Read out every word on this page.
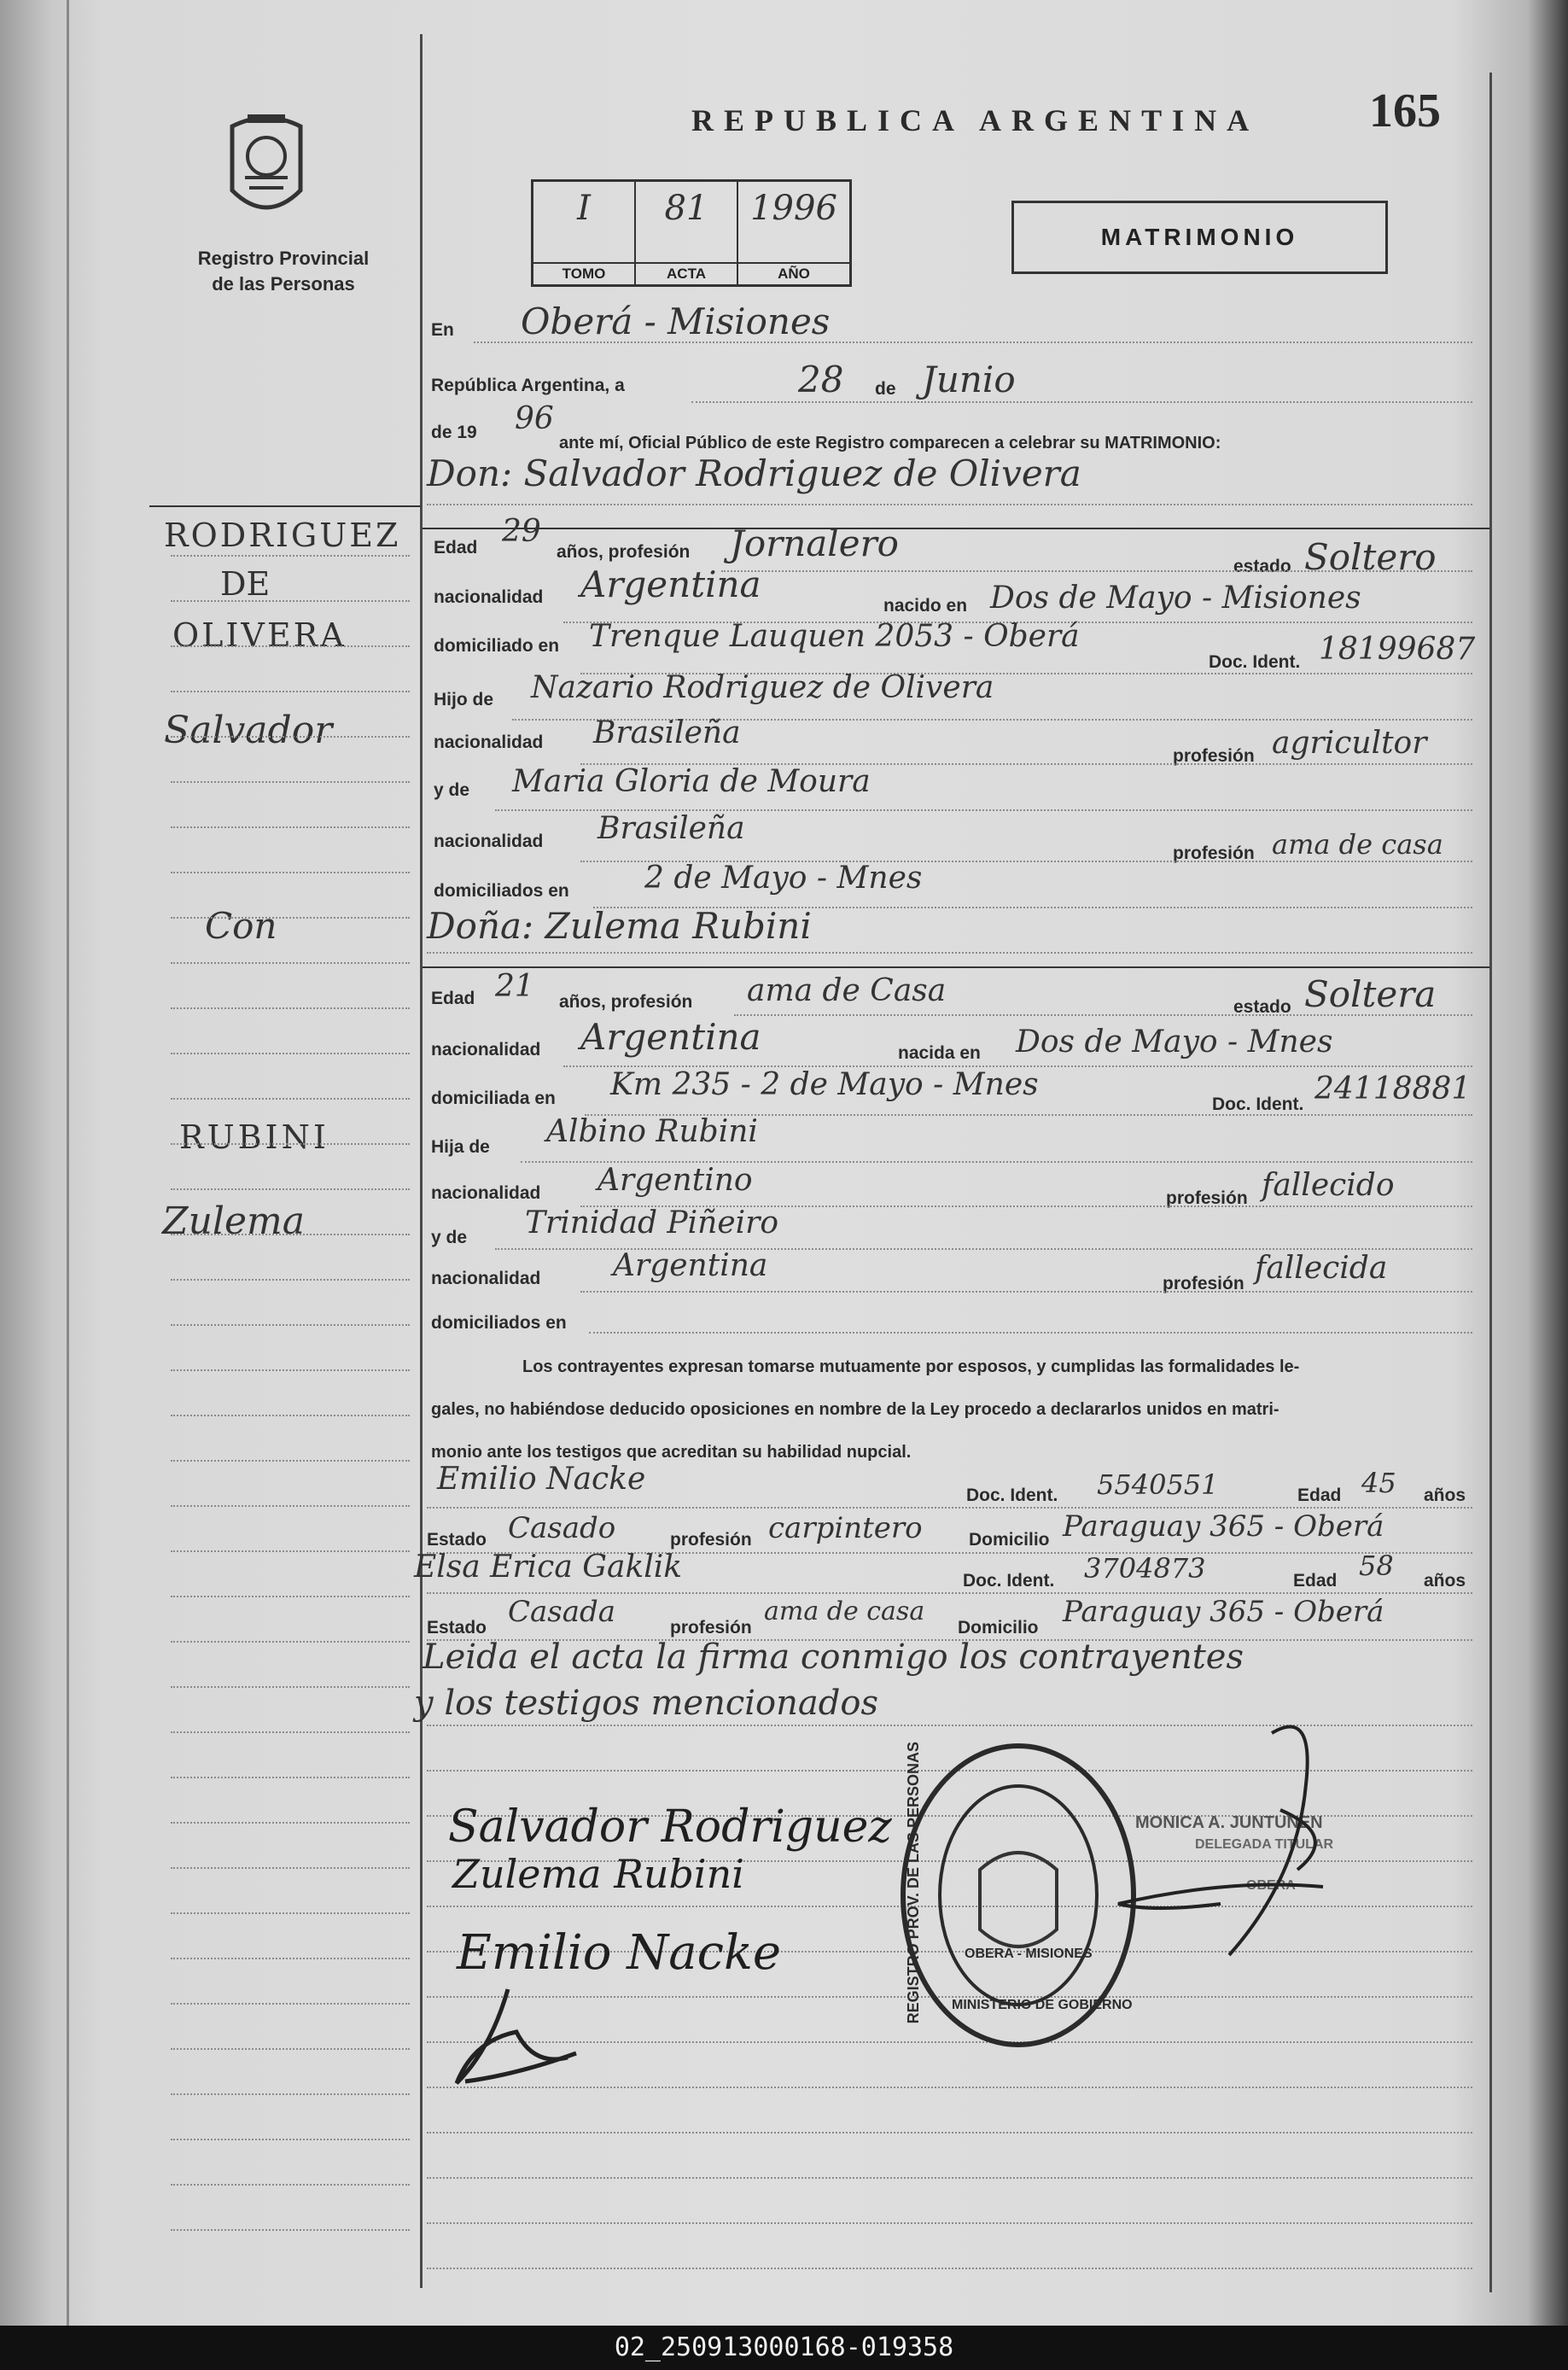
Registro Provincial
de las Personas
REPUBLICA ARGENTINA 165
I
TOMO
81
ACTA
1996
AÑO
MATRIMONIO
En Oberá - Misiones
República Argentina, a	28 de Junio
de 19 96
ante mí, Oficial Público de este Registro comparecen a celebrar su MATRIMONIO:
Don: Salvador Rodriguez de Olivera
Edad 29
años, profesión Jornalero
estado Soltero
nacionalidad Argentina
nacido en Dos de Mayo - Misiones
domiciliado en Trenque Lauquen 2053 - Oberá
Doc. Ident. 18199687
Hijo de Nazario Rodriguez de Olivera
nacionalidad Brasileña
profesión agricultor
y de Maria Gloria de Moura
nacionalidad Brasileña
profesión ama de casa
domiciliados en 2 de Mayo - Mnes
Doña: Zulema Rubini
Edad 21 años, profesión ama de Casa	estado Soltera
nacionalidad Argentina	nacida en Dos de Mayo - Mnes
domiciliada en Km 235 - 2 de Mayo - Mnes
Doc. Ident. 24118881
Hija de Albino Rubini
nacionalidad Argentino
profesión fallecido
y de Trinidad Piñeiro
nacionalidad Argentina
profesión fallecida
domiciliados en
Los contrayentes expresan tomarse mutuamente por esposos, y cumplidas las formalidades le-
gales, no habiéndose deducido oposiciones en nombre de la Ley procedo a declararlos unidos en matri-
monio ante los testigos que acreditan su habilidad nupcial.
Emilio Nacke	Doc. Ident. 5540551	Edad 45 años
Estado Casado	profesión carpintero	Domicilio Paraguay 365 - Oberá
Elsa Erica Gaklik	Doc. Ident. 3704873	Edad 58 años
Estado Casada	profesión
ama de casa
Domicilio Paraguay 365 - Oberá
Leida el acta la firma conmigo los contrayentes
y los testigos mencionados
RODRIGUEZ
DE
OLIVERA
Salvador
Con
RUBINI
Zulema
REGISTRO PROV. DE LAS PERSONAS	OBERA - MISIONES
MINISTERIO DE GOBIERNO
MONICA A. JUNTUNEN
DELEGADA TITULAR
OBERA
Salvador Rodriguez
Zulema Rubini
Emilio Nacke
02_250913000168-019358
